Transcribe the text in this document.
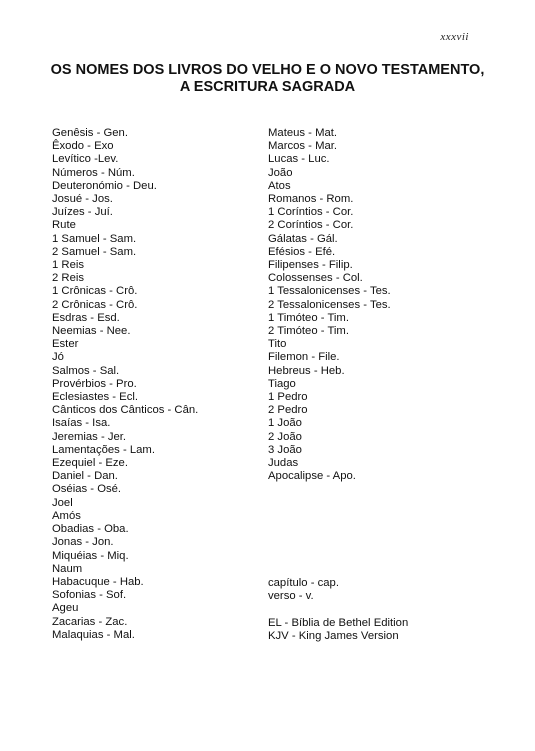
xxxvii
OS NOMES DOS LIVROS DO VELHO E O NOVO TESTAMENTO,
A ESCRITURA SAGRADA
Genêsis - Gen.
Êxodo - Exo
Levítico -Lev.
Números - Núm.
Deuteronómio - Deu.
Josué - Jos.
Juízes - Juí.
Rute
1 Samuel - Sam.
2 Samuel - Sam.
1 Reis
2 Reis
1 Crônicas - Crô.
2 Crônicas - Crô.
Esdras - Esd.
Neemias - Nee.
Ester
Jó
Salmos - Sal.
Provérbios - Pro.
Eclesiastes - Ecl.
Cânticos dos Cânticos - Cân.
Isaías - Isa.
Jeremias - Jer.
Lamentações - Lam.
Ezequiel - Eze.
Daniel - Dan.
Oséias - Osé.
Joel
Amós
Obadias - Oba.
Jonas - Jon.
Miquéias - Miq.
Naum
Habacuque - Hab.
Sofonias - Sof.
Ageu
Zacarias - Zac.
Malaquias - Mal.
Mateus - Mat.
Marcos - Mar.
Lucas - Luc.
João
Atos
Romanos - Rom.
1 Coríntios - Cor.
2 Coríntios - Cor.
Gálatas - Gál.
Efésios - Efé.
Filipenses - Filip.
Colossenses - Col.
1 Tessalonicenses - Tes.
2 Tessalonicenses - Tes.
1 Timóteo - Tim.
2 Timóteo - Tim.
Tito
Filemon - File.
Hebreus - Heb.
Tiago
1 Pedro
2 Pedro
1 João
2 João
3 João
Judas
Apocalipse - Apo.
capítulo - cap.
verso - v.
EL - Bíblia de Bethel Edition
KJV - King James Version
